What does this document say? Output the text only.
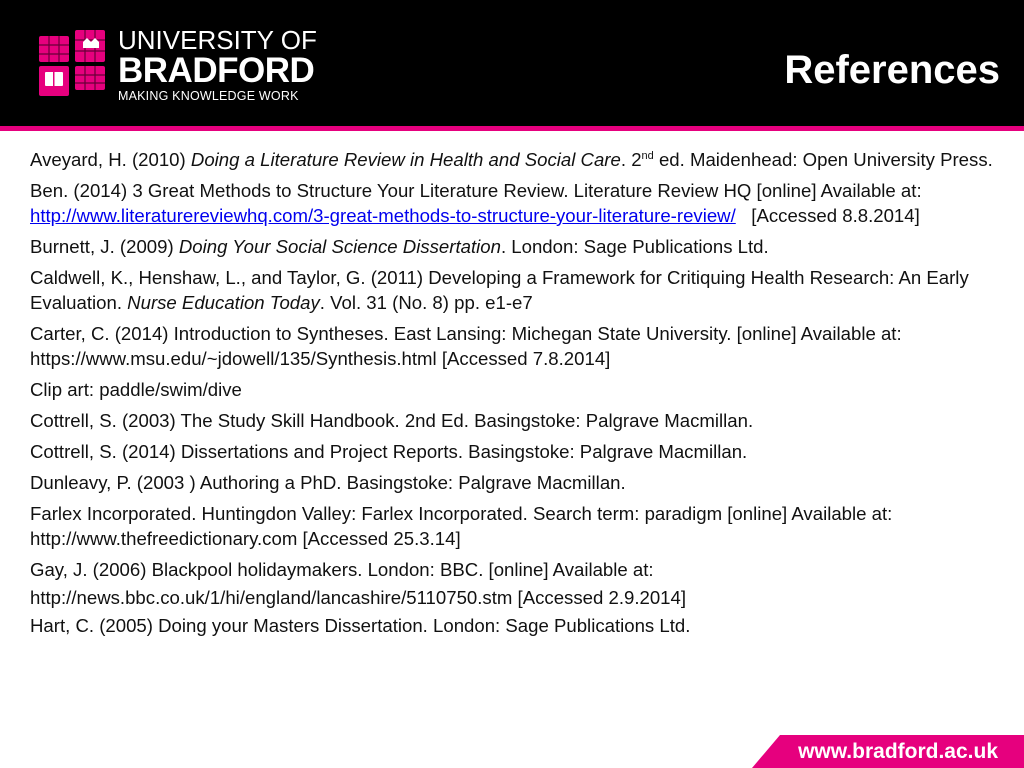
UNIVERSITY OF
BRADFORD
MAKING KNOWLEDGE WORK
References

Aveyard, H. (2010) Doing a Literature Review in Health and Social Care. 2nd ed. Maidenhead: Open University Press.

Ben. (2014) 3 Great Methods to Structure Your Literature Review. Literature Review HQ [online] Available at: http://www.literaturereviewhq.com/3-great-methods-to-structure-your-literature-review/   [Accessed 8.8.2014]

Burnett, J. (2009) Doing Your Social Science Dissertation. London: Sage Publications Ltd.

Caldwell, K., Henshaw, L., and Taylor, G. (2011) Developing a Framework for Critiquing Health Research: An Early Evaluation. Nurse Education Today. Vol. 31 (No. 8) pp. e1-e7

Carter, C. (2014) Introduction to Syntheses. East Lansing: Michegan State University. [online] Available at: https://www.msu.edu/~jdowell/135/Synthesis.html [Accessed 7.8.2014]

Clip art: paddle/swim/dive

Cottrell, S. (2003) The Study Skill Handbook. 2nd Ed. Basingstoke: Palgrave Macmillan.

Cottrell, S. (2014) Dissertations and Project Reports. Basingstoke: Palgrave Macmillan.

Dunleavy, P. (2003 ) Authoring a PhD. Basingstoke: Palgrave Macmillan.

Farlex Incorporated. Huntingdon Valley: Farlex Incorporated. Search term: paradigm [online] Available at: http://www.thefreedictionary.com [Accessed 25.3.14]

Gay, J. (2006) Blackpool holidaymakers. London: BBC. [online] Available at:

http://news.bbc.co.uk/1/hi/england/lancashire/5110750.stm [Accessed 2.9.2014]

Hart, C. (2005) Doing your Masters Dissertation. London: Sage Publications Ltd.

www.bradford.ac.uk
